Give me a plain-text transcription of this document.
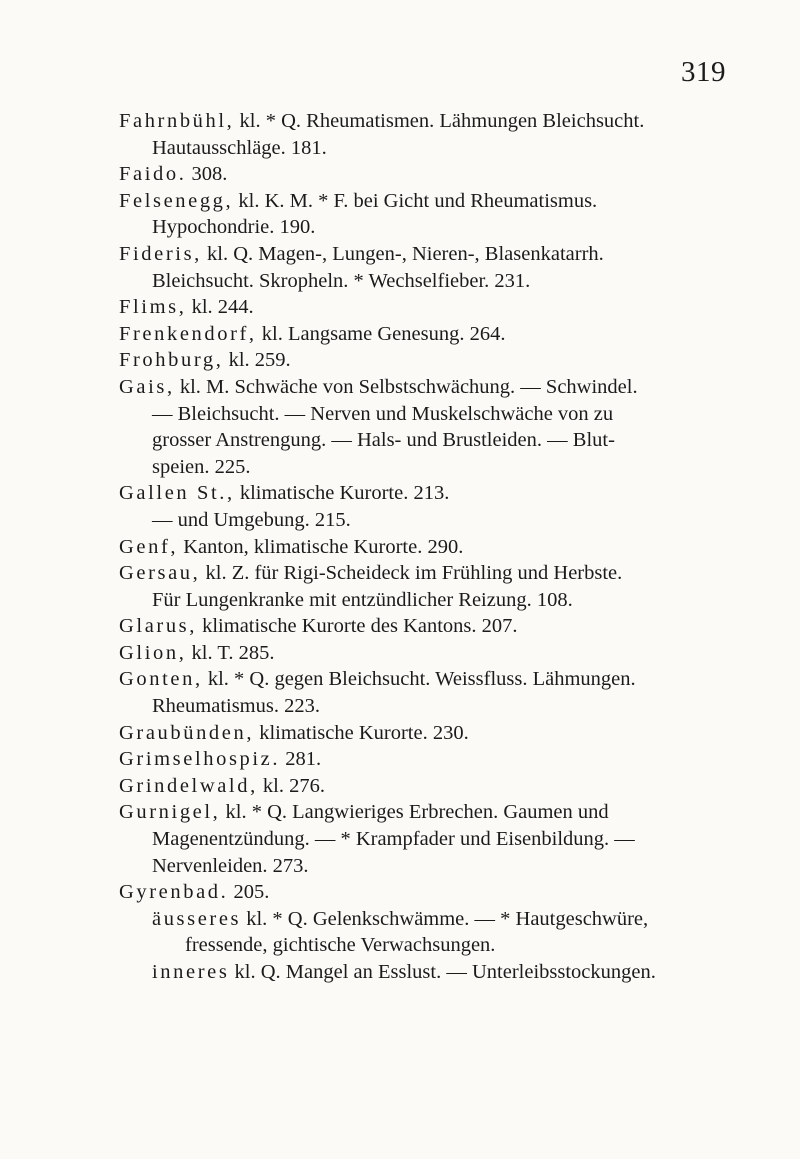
319
Fahrnbühl, kl. * Q. Rheumatismen. Lähmungen Bleichsucht.
Hautausschläge. 181.
Faido. 308.
Felsenegg, kl. K. M. * F. bei Gicht und Rheumatismus.
Hypochondrie. 190.
Fideris, kl. Q. Magen-, Lungen-, Nieren-, Blasenkatarrh.
Bleichsucht. Skropheln. * Wechselfieber. 231.
Flims, kl. 244.
Frenkendorf, kl. Langsame Genesung. 264.
Frohburg, kl. 259.
Gais, kl. M. Schwäche von Selbstschwächung. — Schwindel.
— Bleichsucht. — Nerven und Muskelschwäche von zu
grosser Anstrengung. — Hals- und Brustleiden. — Blut-
speien. 225.
Gallen St., klimatische Kurorte. 213.
— und Umgebung. 215.
Genf, Kanton, klimatische Kurorte. 290.
Gersau, kl. Z. für Rigi-Scheideck im Frühling und Herbste.
Für Lungenkranke mit entzündlicher Reizung. 108.
Glarus, klimatische Kurorte des Kantons. 207.
Glion, kl. T. 285.
Gonten, kl. * Q. gegen Bleichsucht. Weissfluss. Lähmungen.
Rheumatismus. 223.
Graubünden, klimatische Kurorte. 230.
Grimselhospiz. 281.
Grindelwald, kl. 276.
Gurnigel, kl. * Q. Langwieriges Erbrechen. Gaumen und
Magenentzündung. — * Krampfader und Eisenbildung. —
Nervenleiden. 273.
Gyrenbad. 205.
äusseres kl. * Q. Gelenkschwämme. — * Hautgeschwüre,
fressende, gichtische Verwachsungen.
inneres kl. Q. Mangel an Esslust. — Unterleibsstockungen.
